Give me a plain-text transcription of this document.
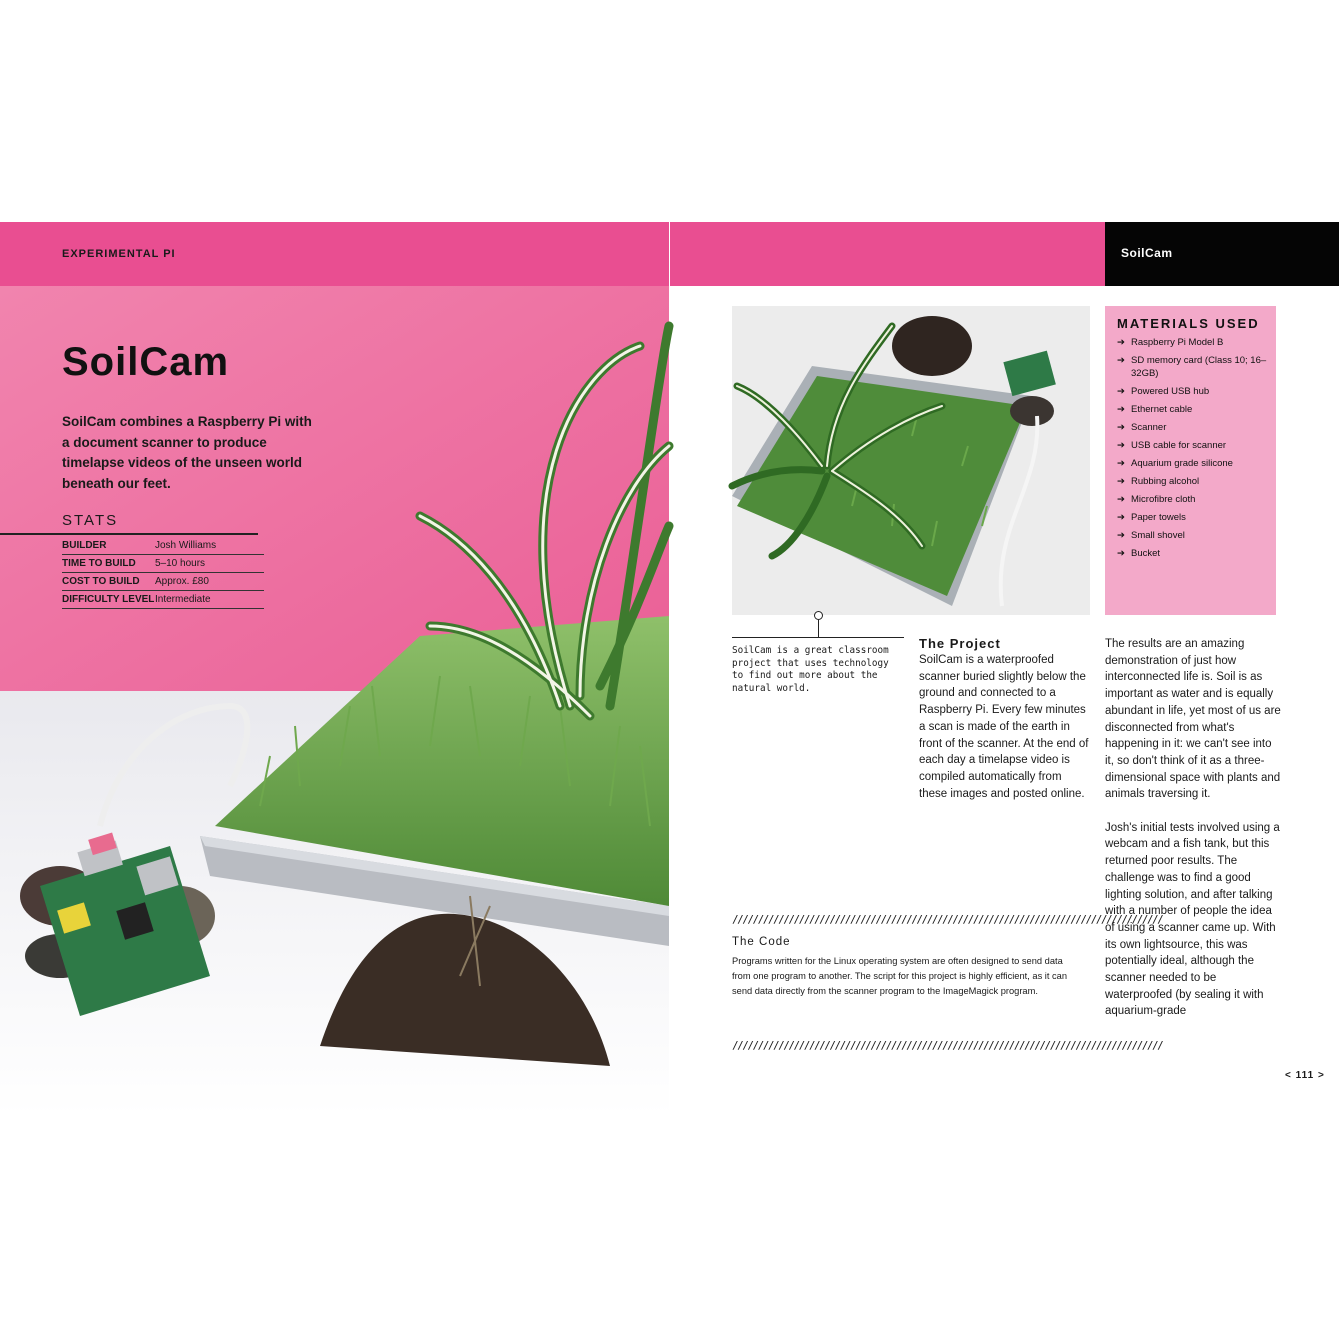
EXPERIMENTAL PI	SoilCam
SoilCam
SoilCam combines a Raspberry Pi with a document scanner to produce timelapse videos of the unseen world beneath our feet.
STATS
BUILDER	Josh Williams
TIME TO BUILD	5–10 hours
COST TO BUILD	Approx. £80
DIFFICULTY LEVEL	Intermediate
MATERIALS USED
➔ Raspberry Pi Model B
➔ SD memory card (Class 10; 16–32GB)
➔ Powered USB hub
➔ Ethernet cable
➔ Scanner
➔ USB cable for scanner
➔ Aquarium grade silicone
➔ Rubbing alcohol
➔ Microfibre cloth
➔ Paper towels
➔ Small shovel
➔ Bucket
SoilCam is a great classroom project that uses technology to find out more about the natural world.
The Project
SoilCam is a waterproofed scanner buried slightly below the ground and connected to a Raspberry Pi. Every few minutes a scan is made of the earth in front of the scanner. At the end of each day a timelapse video is compiled automatically from these images and posted online.
The results are an amazing demonstration of just how interconnected life is. Soil is as important as water and is equally abundant in life, yet most of us are disconnected from what's happening in it: we can't see into it, so don't think of it as a three-dimensional space with plants and animals traversing it.
Josh's initial tests involved using a webcam and a fish tank, but this returned poor results. The challenge was to find a good lighting solution, and after talking with a number of people the idea of using a scanner came up. With its own lightsource, this was potentially ideal, although the scanner needed to be waterproofed (by sealing it with aquarium-grade
////////////////////////////////////////////////////////////////////////////////////
The Code
Programs written for the Linux operating system are often designed to send data from one program to another. The script for this project is highly efficient, as it can send data directly from the scanner program to the ImageMagick program.
////////////////////////////////////////////////////////////////////////////////////
< 111 >
